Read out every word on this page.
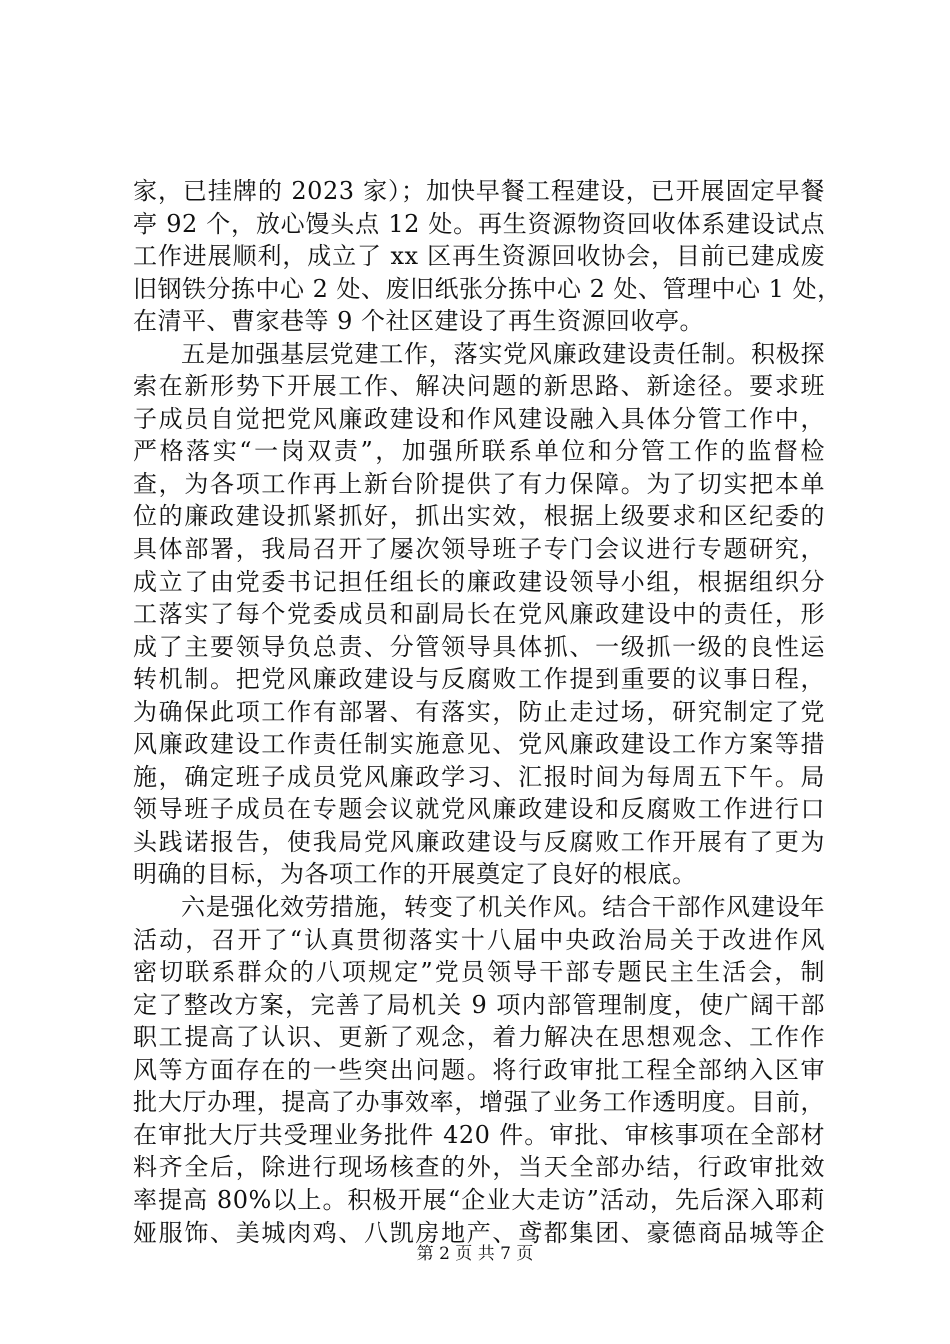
家，已挂牌的 2023 家）；加快早餐工程建设，已开展固定早餐
亭 92 个，放心馒头点 12 处。再生资源物资回收体系建设试点
工作进展顺利，成立了 xx 区再生资源回收协会，目前已建成废
旧钢铁分拣中心 2 处、废旧纸张分拣中心 2 处、管理中心 1 处，
在清平、曹家巷等 9 个社区建设了再生资源回收亭。
五是加强基层党建工作，落实党风廉政建设责任制。积极探
索在新形势下开展工作、解决问题的新思路、新途径。要求班
子成员自觉把党风廉政建设和作风建设融入具体分管工作中，
严格落实“一岗双责”，加强所联系单位和分管工作的监督检
查，为各项工作再上新台阶提供了有力保障。为了切实把本单
位的廉政建设抓紧抓好，抓出实效，根据上级要求和区纪委的
具体部署，我局召开了屡次领导班子专门会议进行专题研究，
成立了由党委书记担任组长的廉政建设领导小组，根据组织分
工落实了每个党委成员和副局长在党风廉政建设中的责任，形
成了主要领导负总责、分管领导具体抓、一级抓一级的良性运
转机制。把党风廉政建设与反腐败工作提到重要的议事日程，
为确保此项工作有部署、有落实，防止走过场，研究制定了党
风廉政建设工作责任制实施意见、党风廉政建设工作方案等措
施，确定班子成员党风廉政学习、汇报时间为每周五下午。局
领导班子成员在专题会议就党风廉政建设和反腐败工作进行口
头践诺报告，使我局党风廉政建设与反腐败工作开展有了更为
明确的目标，为各项工作的开展奠定了良好的根底。
六是强化效劳措施，转变了机关作风。结合干部作风建设年
活动，召开了“认真贯彻落实十八届中央政治局关于改进作风
密切联系群众的八项规定”党员领导干部专题民主生活会，制
定了整改方案，完善了局机关 9 项内部管理制度，使广阔干部
职工提高了认识、更新了观念，着力解决在思想观念、工作作
风等方面存在的一些突出问题。将行政审批工程全部纳入区审
批大厅办理，提高了办事效率，增强了业务工作透明度。目前，
在审批大厅共受理业务批件 420 件。审批、审核事项在全部材
料齐全后，除进行现场核查的外，当天全部办结，行政审批效
率提高 80%以上。积极开展“企业大走访”活动，先后深入耶莉
娅服饰、美城肉鸡、八凯房地产、鸢都集团、豪德商品城等企
第 2 页 共 7 页
